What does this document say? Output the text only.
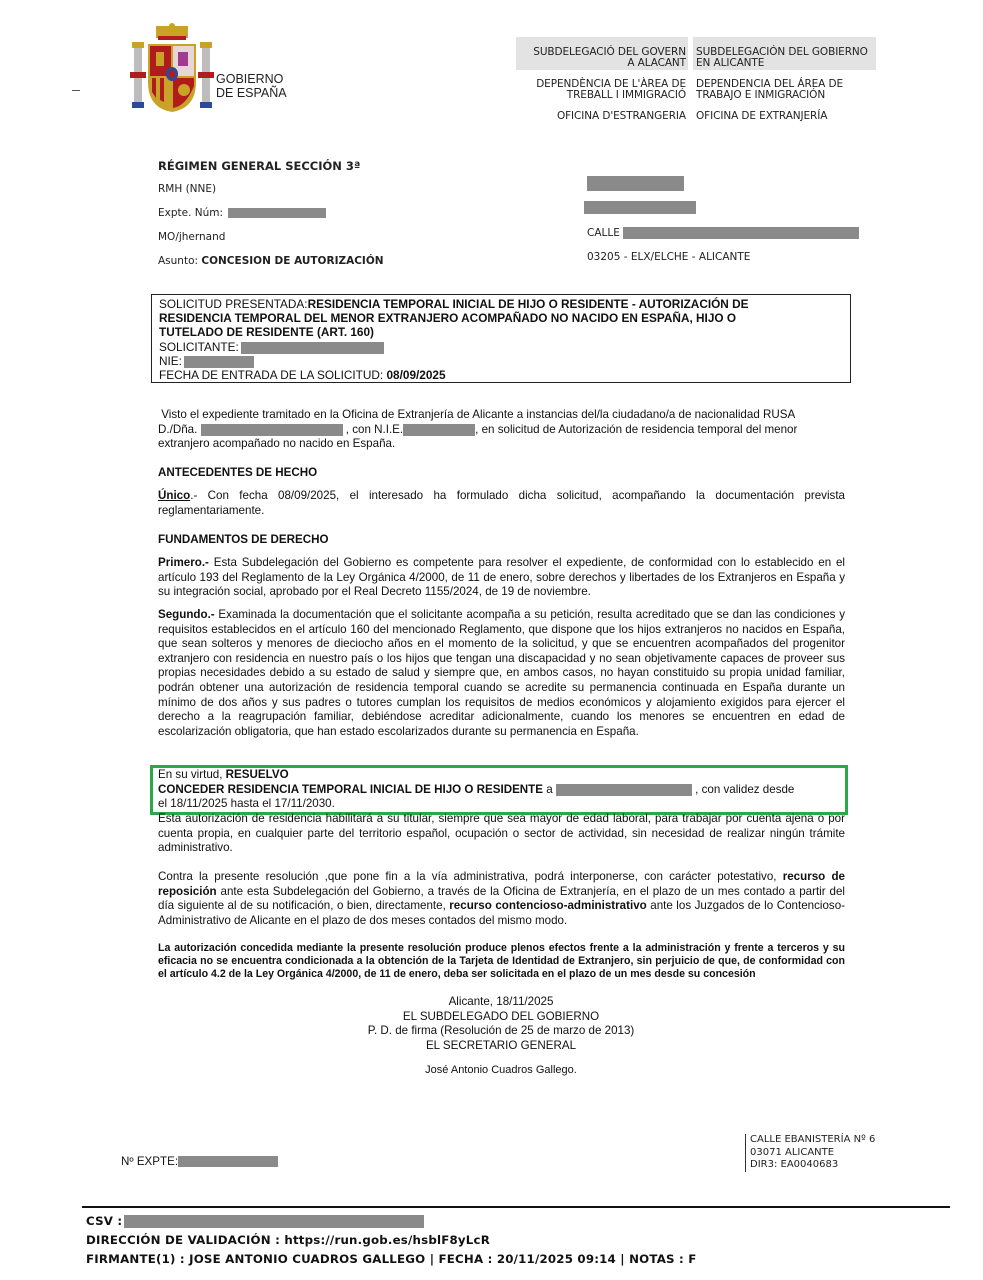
GOBIERNO
DE ESPAÑA
SUBDELEGACIÓ DEL GOVERN
A ALACANT
DEPENDÈNCIA DE L'ÀREA DE
TREBALL I IMMIGRACIÓ
OFICINA D'ESTRANGERIA
SUBDELEGACIÓN DEL GOBIERNO
EN ALICANTE
DEPENDENCIA DEL ÁREA DE
TRABAJO E INMIGRACIÓN
OFICINA DE EXTRANJERÍA
RÉGIMEN GENERAL SECCIÓN 3ª
RMH (NNE)
Expte. Núm:
MO/jhernand
Asunto: CONCESION DE AUTORIZACIÓN
CALLE
03205 - ELX/ELCHE - ALICANTE
SOLICITUD PRESENTADA:RESIDENCIA TEMPORAL INICIAL DE HIJO O RESIDENTE - AUTORIZACIÓN DE
RESIDENCIA TEMPORAL DEL MENOR EXTRANJERO ACOMPAÑADO NO NACIDO EN ESPAÑA, HIJO O
TUTELADO DE RESIDENTE (ART. 160)
SOLICITANTE:
NIE:
FECHA DE ENTRADA DE LA SOLICITUD: 08/09/2025
Visto el expediente tramitado en la Oficina de Extranjería de Alicante a instancias del/la ciudadano/a de nacionalidad RUSA
D./Dña.	, con N.I.E.	, en solicitud de Autorización de residencia temporal del menor
extranjero acompañado no nacido en España.
ANTECEDENTES DE HECHO
Único.- Con fecha 08/09/2025, el interesado ha formulado dicha solicitud, acompañando la documentación prevista reglamentariamente.
FUNDAMENTOS DE DERECHO
Primero.- Esta Subdelegación del Gobierno es competente para resolver el expediente, de conformidad con lo establecido en el artículo 193 del Reglamento de la Ley Orgánica 4/2000, de 11 de enero, sobre derechos y libertades de los Extranjeros en España y su integración social, aprobado por el Real Decreto 1155/2024, de 19 de noviembre.
Segundo.- Examinada la documentación que el solicitante acompaña a su petición, resulta acreditado que se dan las condiciones y requisitos establecidos en el artículo 160 del mencionado Reglamento, que dispone que los hijos extranjeros no nacidos en España, que sean solteros y menores de dieciocho años en el momento de la solicitud, y que se encuentren acompañados del progenitor extranjero con residencia en nuestro país o los hijos que tengan una discapacidad y no sean objetivamente capaces de proveer sus propias necesidades debido a su estado de salud y siempre que, en ambos casos, no hayan constituido su propia unidad familiar, podrán obtener una autorización de residencia temporal cuando se acredite su permanencia continuada en España durante un mínimo de dos años y sus padres o tutores cumplan los requisitos de medios económicos y alojamiento exigidos para ejercer el derecho a la reagrupación familiar, debiéndose acreditar adicionalmente, cuando los menores se encuentren en edad de escolarización obligatoria, que han estado escolarizados durante su permanencia en España.
En su virtud, RESUELVO
CONCEDER RESIDENCIA TEMPORAL INICIAL DE HIJO O RESIDENTE a	, con validez desde
el 18/11/2025 hasta el 17/11/2030.
Esta autorización de residencia habilitará a su titular, siempre que sea mayor de edad laboral, para trabajar por cuenta ajena o por cuenta propia, en cualquier parte del territorio español, ocupación o sector de actividad, sin necesidad de realizar ningún trámite administrativo.
Contra la presente resolución ,que pone fin a la vía administrativa, podrá interponerse, con carácter potestativo, recurso de reposición ante esta Subdelegación del Gobierno, a través de la Oficina de Extranjería, en el plazo de un mes contado a partir del día siguiente al de su notificación, o bien, directamente, recurso contencioso-administrativo ante los Juzgados de lo Contencioso-Administrativo de Alicante en el plazo de dos meses contados del mismo modo.
La autorización concedida mediante la presente resolución produce plenos efectos frente a la administración y frente a terceros y su eficacia no se encuentra condicionada a la obtención de la Tarjeta de Identidad de Extranjero, sin perjuicio de que, de conformidad con el artículo 4.2 de la Ley Orgánica 4/2000, de 11 de enero, deba ser solicitada en el plazo de un mes desde su concesión
Alicante, 18/11/2025
EL SUBDELEGADO DEL GOBIERNO
P. D. de firma (Resolución de 25 de marzo de 2013)
EL SECRETARIO GENERAL
José Antonio Cuadros Gallego.
CALLE EBANISTERÍA Nº 6
03071 ALICANTE
DIR3: EA0040683
Nº EXPTE:
CSV :
DIRECCIÓN DE VALIDACIÓN : https://run.gob.es/hsblF8yLcR
FIRMANTE(1) : JOSE ANTONIO CUADROS GALLEGO | FECHA : 20/11/2025 09:14 | NOTAS : F
